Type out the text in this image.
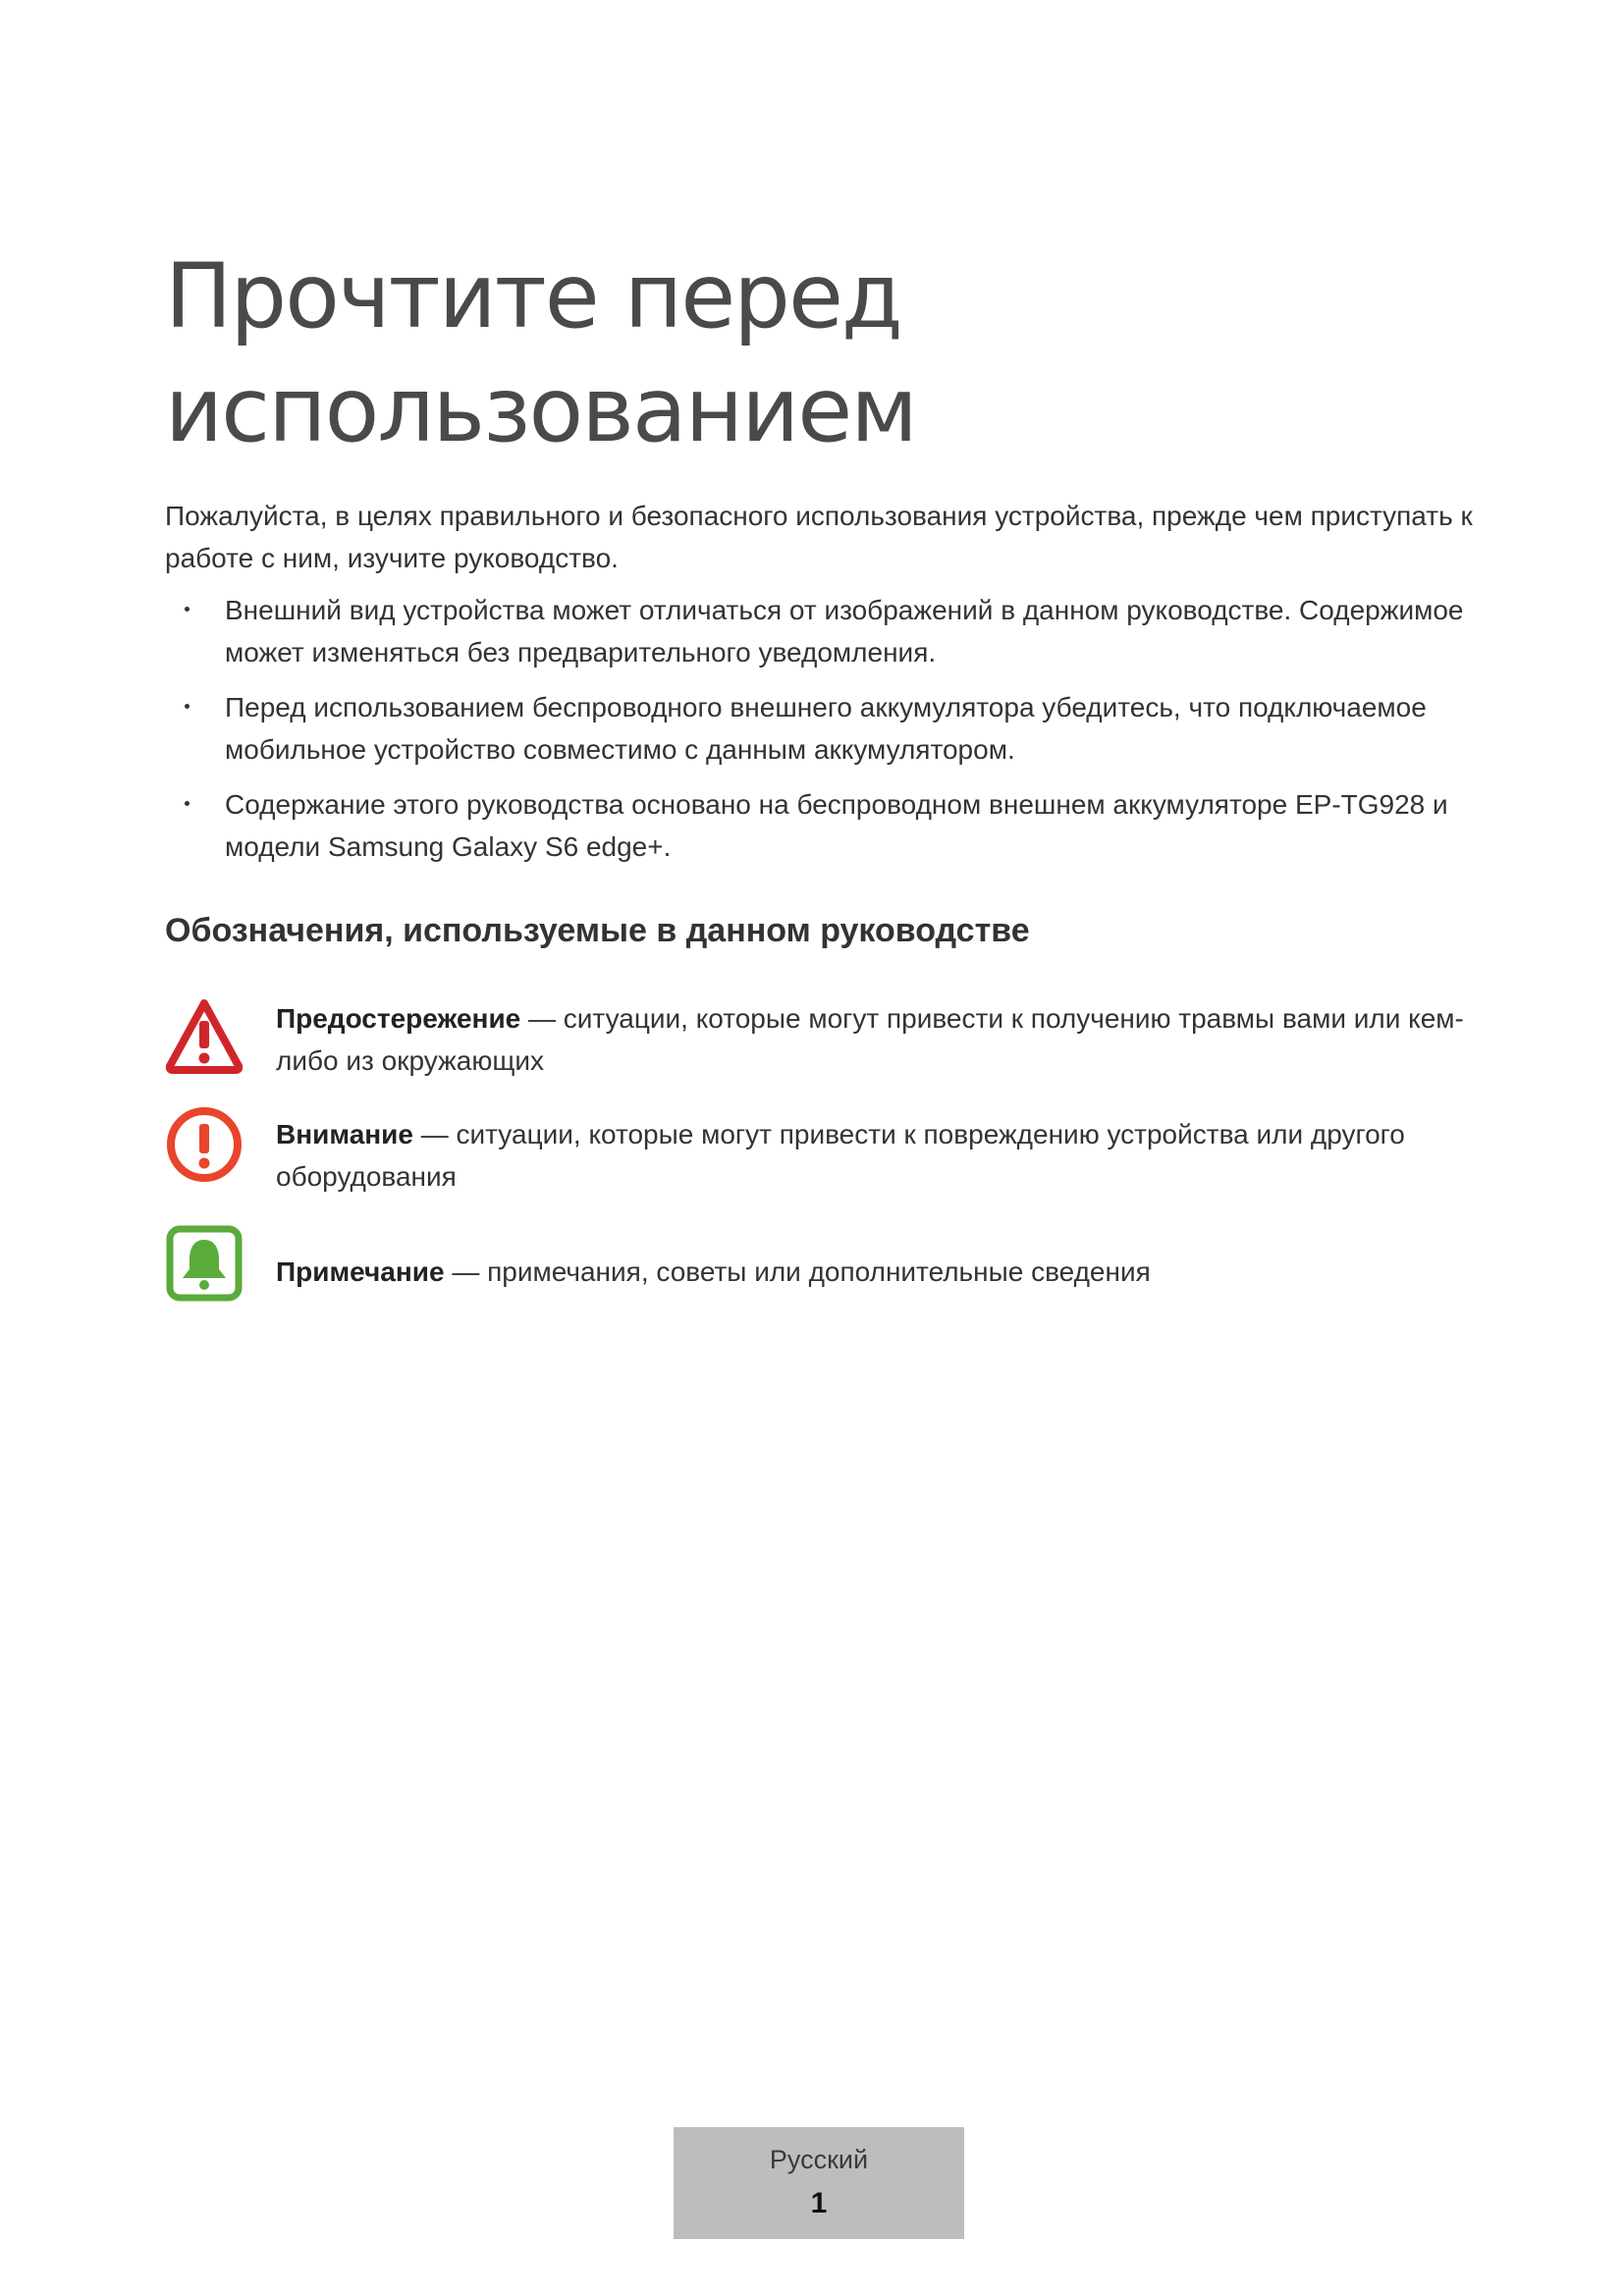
Прочтите перед
использованием

Пожалуйста, в целях правильного и безопасного использования устройства, прежде чем приступать к работе с ним, изучите руководство.

Внешний вид устройства может отличаться от изображений в данном руководстве. Содержимое может изменяться без предварительного уведомления.
Перед использованием беспроводного внешнего аккумулятора убедитесь, что подключаемое мобильное устройство совместимо с данным аккумулятором.
Содержание этого руководства основано на беспроводном внешнем аккумуляторе EP-TG928 и модели Samsung Galaxy S6 edge+.
Обозначения, используемые в данном руководстве
Предостережение — ситуации, которые могут привести к получению травмы вами или кем-либо из окружающих
Внимание — ситуации, которые могут привести к повреждению устройства или другого оборудования
Примечание — примечания, советы или дополнительные сведения
Русский
1
